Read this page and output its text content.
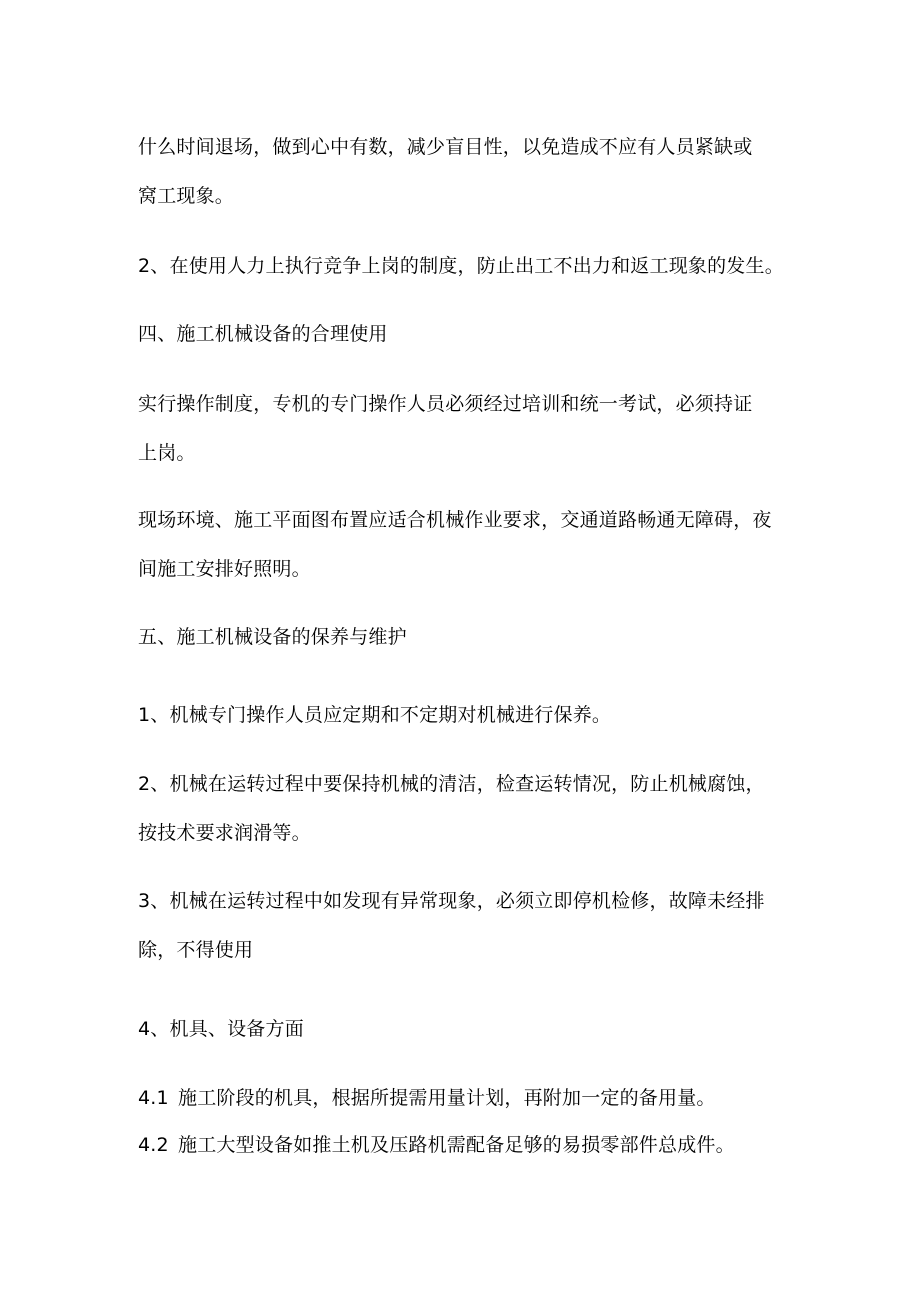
什么时间退场，做到心中有数，减少盲目性，以免造成不应有人员紧缺或
窝工现象。
2、在使用人力上执行竞争上岗的制度，防止出工不出力和返工现象的发生。
四、施工机械设备的合理使用
实行操作制度，专机的专门操作人员必须经过培训和统一考试，必须持证
上岗。
现场环境、施工平面图布置应适合机械作业要求，交通道路畅通无障碍，夜
间施工安排好照明。
五、施工机械设备的保养与维护
1、机械专门操作人员应定期和不定期对机械进行保养。
2、机械在运转过程中要保持机械的清洁，检查运转情况，防止机械腐蚀，
按技术要求润滑等。
3、机械在运转过程中如发现有异常现象，必须立即停机检修，故障未经排
除，不得使用
4、机具、设备方面
4.1 施工阶段的机具，根据所提需用量计划，再附加一定的备用量。
4.2 施工大型设备如推土机及压路机需配备足够的易损零部件总成件。
